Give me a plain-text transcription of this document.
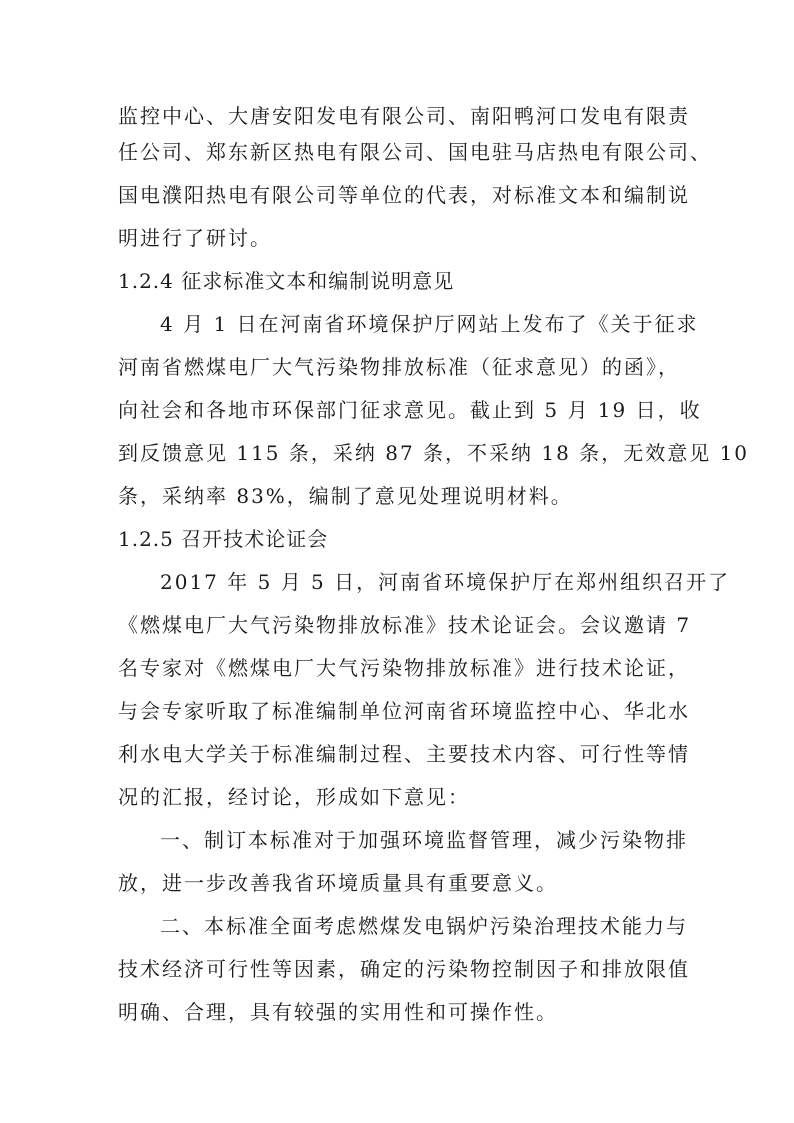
监控中心、大唐安阳发电有限公司、南阳鸭河口发电有限责
任公司、郑东新区热电有限公司、国电驻马店热电有限公司、
国电濮阳热电有限公司等单位的代表，对标准文本和编制说
明进行了研讨。
1.2.4 征求标准文本和编制说明意见
4 月 1 日在河南省环境保护厅网站上发布了《关于征求
河南省燃煤电厂大气污染物排放标准（征求意见）的函》，
向社会和各地市环保部门征求意见。截止到 5 月 19 日，收
到反馈意见 115 条，采纳 87 条，不采纳 18 条，无效意见 10
条，采纳率 83%，编制了意见处理说明材料。
1.2.5 召开技术论证会
2017 年 5 月 5 日，河南省环境保护厅在郑州组织召开了
《燃煤电厂大气污染物排放标准》技术论证会。会议邀请 7
名专家对《燃煤电厂大气污染物排放标准》进行技术论证，
与会专家听取了标准编制单位河南省环境监控中心、华北水
利水电大学关于标准编制过程、主要技术内容、可行性等情
况的汇报，经讨论，形成如下意见：
一、制订本标准对于加强环境监督管理，减少污染物排
放，进一步改善我省环境质量具有重要意义。
二、本标准全面考虑燃煤发电锅炉污染治理技术能力与
技术经济可行性等因素，确定的污染物控制因子和排放限值
明确、合理，具有较强的实用性和可操作性。
